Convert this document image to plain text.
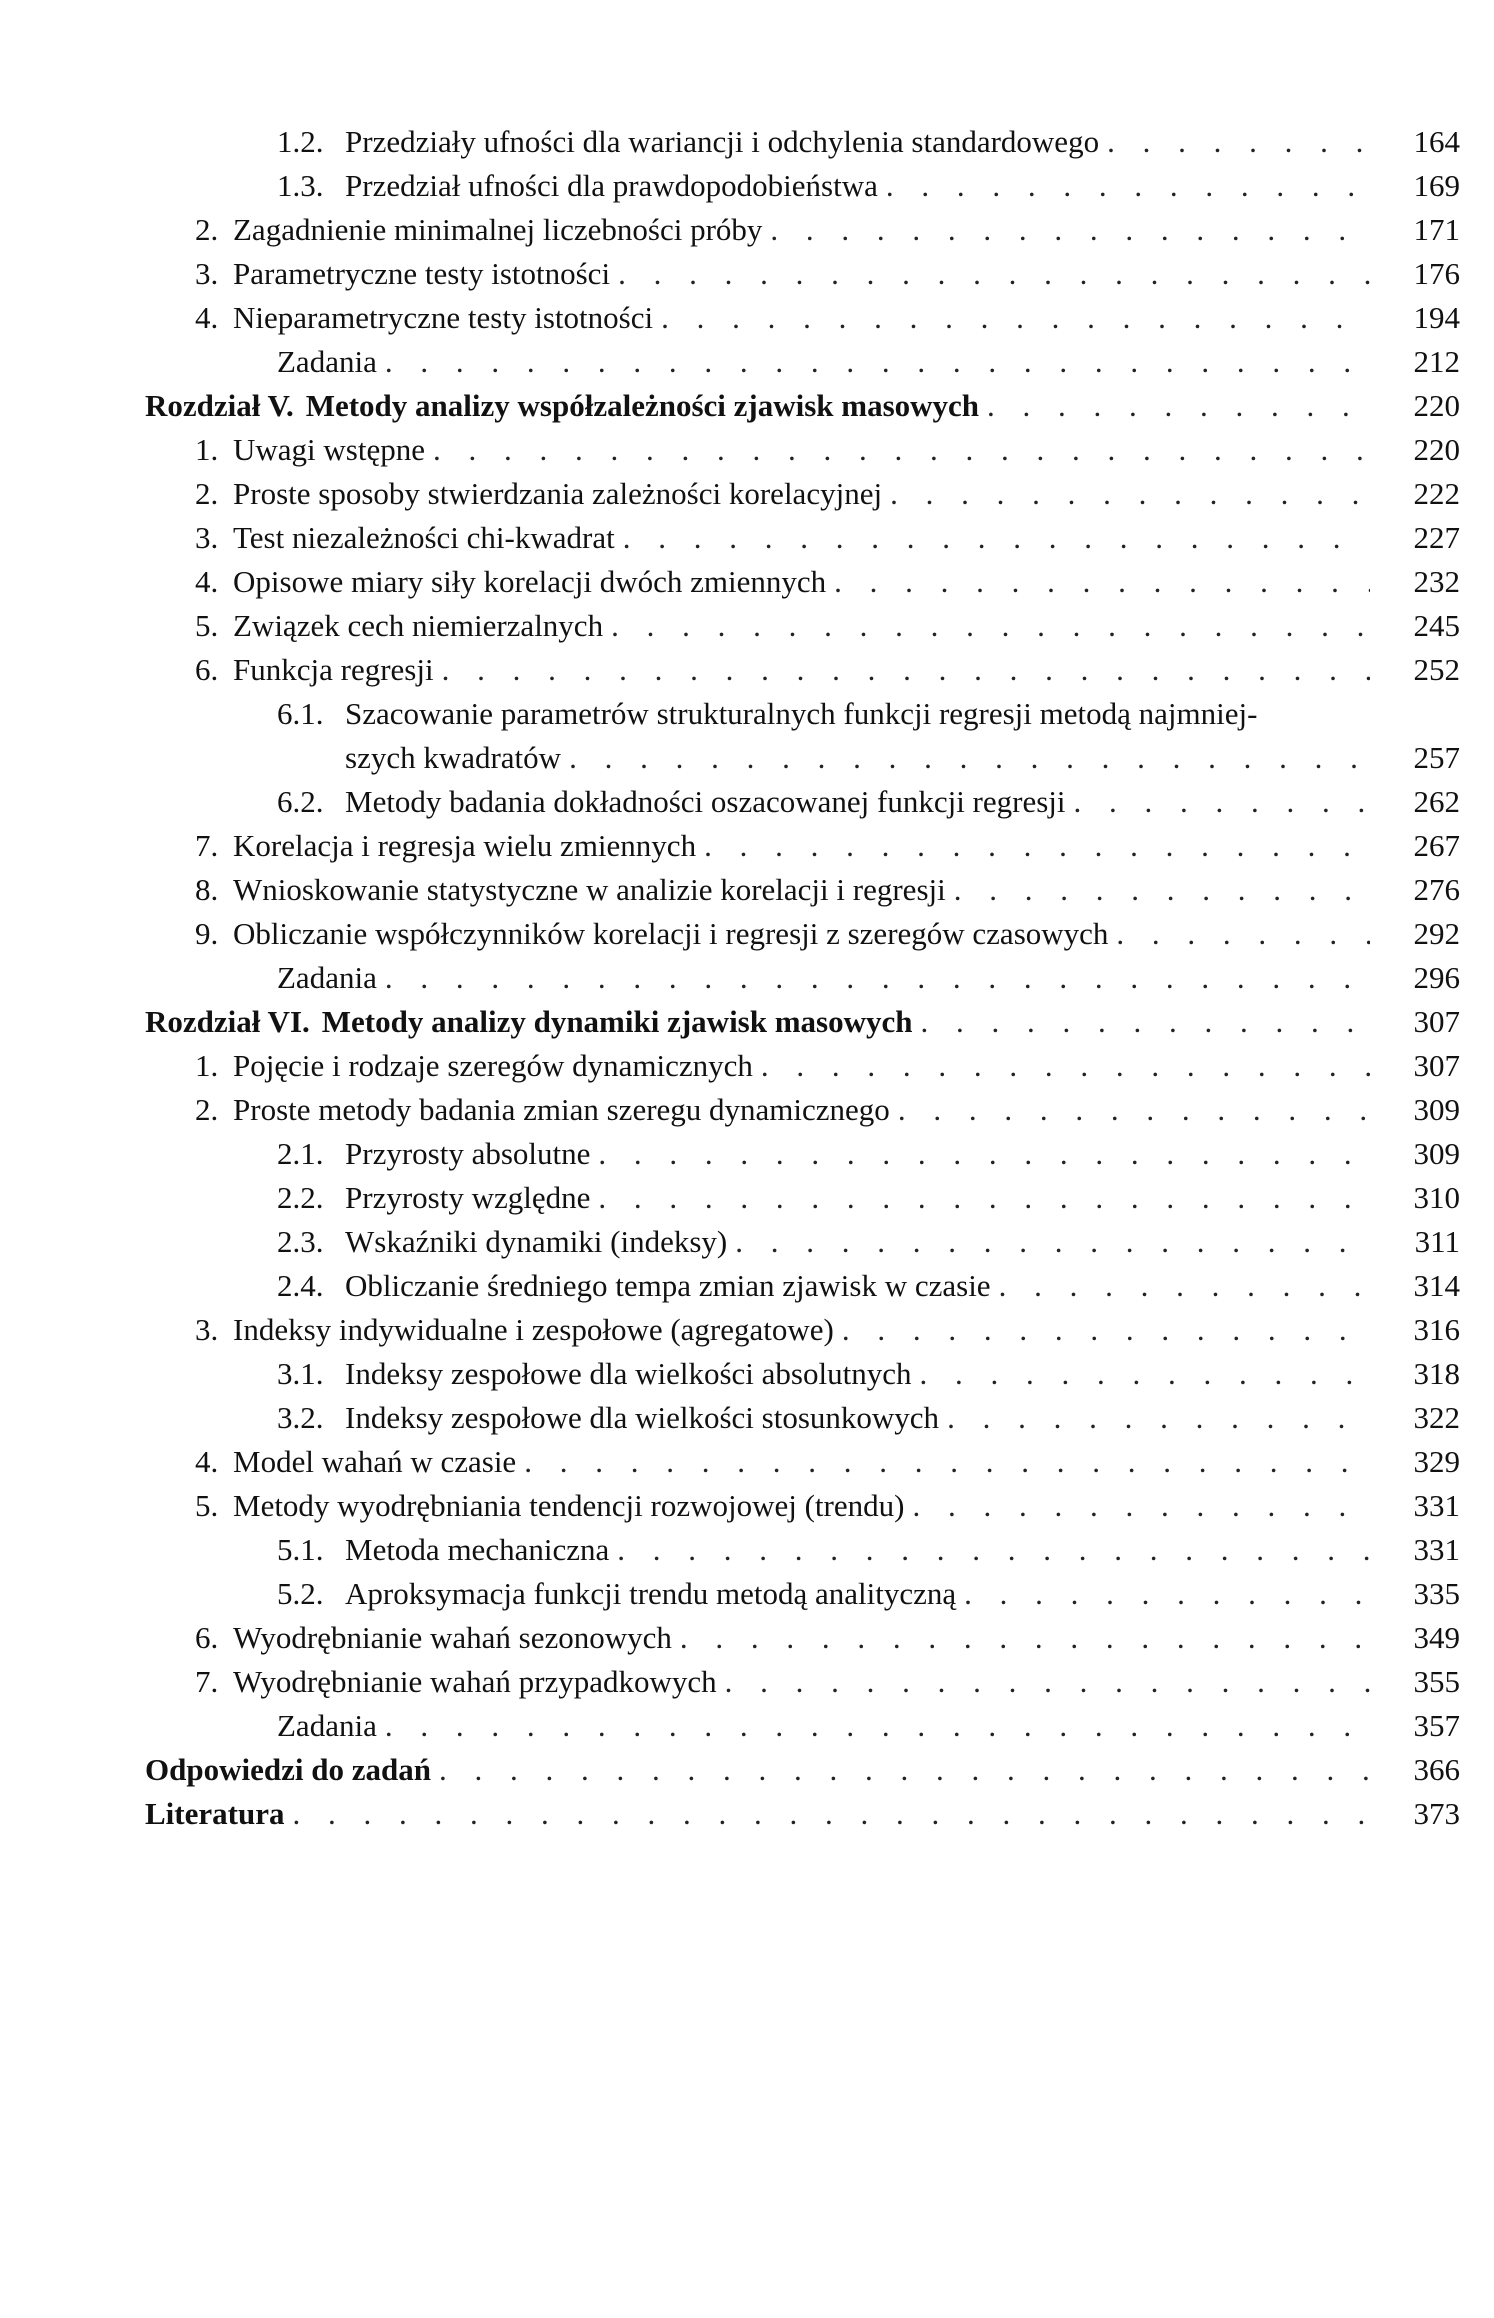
1.2. Przedziały ufności dla wariancji i odchylenia standardowego . . .	164
1.3. Przedział ufności dla prawdopodobieństwa . . .	169
2. Zagadnienie minimalnej liczebności próby . . .	171
3. Parametryczne testy istotności . . .	176
4. Nieparametryczne testy istotności . . .	194
Zadania . . .	212
Rozdział V. Metody analizy współzależności zjawisk masowych . . .	220
1. Uwagi wstępne . . .	220
2. Proste sposoby stwierdzania zależności korelacyjnej . . .	222
3. Test niezależności chi-kwadrat . . .	227
4. Opisowe miary siły korelacji dwóch zmiennych . . .	232
5. Związek cech niemierzalnych . . .	245
6. Funkcja regresji . . .	252
6.1. Szacowanie parametrów strukturalnych funkcji regresji metodą najmniej-
szych kwadratów . . .	257
6.2. Metody badania dokładności oszacowanej funkcji regresji . . .	262
7. Korelacja i regresja wielu zmiennych . . .	267
8. Wnioskowanie statystyczne w analizie korelacji i regresji . . .	276
9. Obliczanie współczynników korelacji i regresji z szeregów czasowych . . .	292
Zadania . . .	296
Rozdział VI. Metody analizy dynamiki zjawisk masowych . . .	307
1. Pojęcie i rodzaje szeregów dynamicznych . . .	307
2. Proste metody badania zmian szeregu dynamicznego . . .	309
2.1. Przyrosty absolutne . . .	309
2.2. Przyrosty względne . . .	310
2.3. Wskaźniki dynamiki (indeksy) . . .	311
2.4. Obliczanie średniego tempa zmian zjawisk w czasie . . .	314
3. Indeksy indywidualne i zespołowe (agregatowe) . . .	316
3.1. Indeksy zespołowe dla wielkości absolutnych . . .	318
3.2. Indeksy zespołowe dla wielkości stosunkowych . . .	322
4. Model wahań w czasie . . .	329
5. Metody wyodrębniania tendencji rozwojowej (trendu) . . .	331
5.1. Metoda mechaniczna . . .	331
5.2. Aproksymacja funkcji trendu metodą analityczną . . .	335
6. Wyodrębnianie wahań sezonowych . . .	349
7. Wyodrębnianie wahań przypadkowych . . .	355
Zadania . . .	357
Odpowiedzi do zadań . . .	366
Literatura . . .	373
